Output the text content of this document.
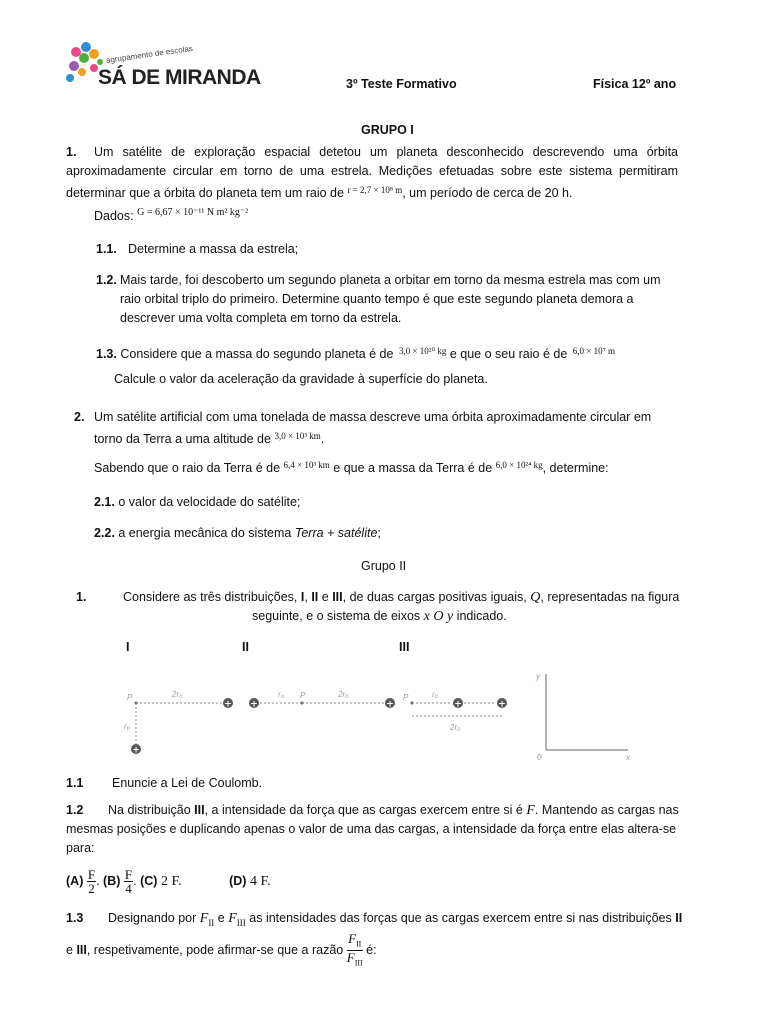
agrupamento de escolas
SÁ DE MIRANDA	3º Teste Formativo	Física 12º ano
GRUPO I
1. Um satélite de exploração espacial detetou um planeta desconhecido descrevendo uma órbita
aproximadamente circular em torno de uma estrela. Medições efetuadas sobre este sistema permitiram
determinar que a órbita do planeta tem um raio de $^{r = 2,7 \times 10^8 m}$, um período de cerca de 20 h.
Dados: $^{G = 6,67 \times 10^{-11} N m^2 kg^{-2}}$
1.1. Determine a massa da estrela;
1.2. Mais tarde, foi descoberto um segundo planeta a orbitar em torno da mesma estrela mas com um
raio orbital triplo do primeiro. Determine quanto tempo é que este segundo planeta demora a
descrever uma volta completa em torno da estrela.
1.3. Considere que a massa do segundo planeta é de $^{3,0 \times 10^{20} kg}$ e que o seu raio é de $^{6,0 \times 10^7 m}$
Calcule o valor da aceleração da gravidade à superfície do planeta.
2. Um satélite artificial com uma tonelada de massa descreve uma órbita aproximadamente circular em
torno da Terra a uma altitude de $^{3,0 \times 10^3 km}$.
Sabendo que o raio da Terra é de $^{6,4 \times 10^3 km}$ e que a massa da Terra é de $^{6,0 \times 10^{24} kg}$, determine:
2.1. o valor da velocidade do satélite;
2.2. a energia mecânica do sistema Terra + satélite;
Grupo II
1.	Considere as três distribuições, I, II e III, de duas cargas positivas iguais, Q, representadas na figura
seguinte, e o sistema de eixos x O y indicado.
I	II	III
P	2r₀
+
r₀
+
+
r₀ P	2r₀
+
P	r₀
+	+
2r₀
y
x
0
1.1 Enuncie a Lei de Coulomb.
1.2 Na distribuição III, a intensidade da força que as cargas exercem entre si é F. Mantendo as cargas nas
mesmas posições e duplicando apenas o valor de uma das cargas, a intensidade da força entre elas altera-se
para:
$(A) \frac{F}{2}$ . $(B) \frac{F}{4}$ . (C) 2 F.	(D) 4 F.
1.3 Designando por $F_{II}$ e $F_{III}$ as intensidades das forças que as cargas exercem entre si nas distribuições II
e III, respetivamente, pode afirmar-se que a razão $\frac{F_{II}}{F_{III}}$ é:
